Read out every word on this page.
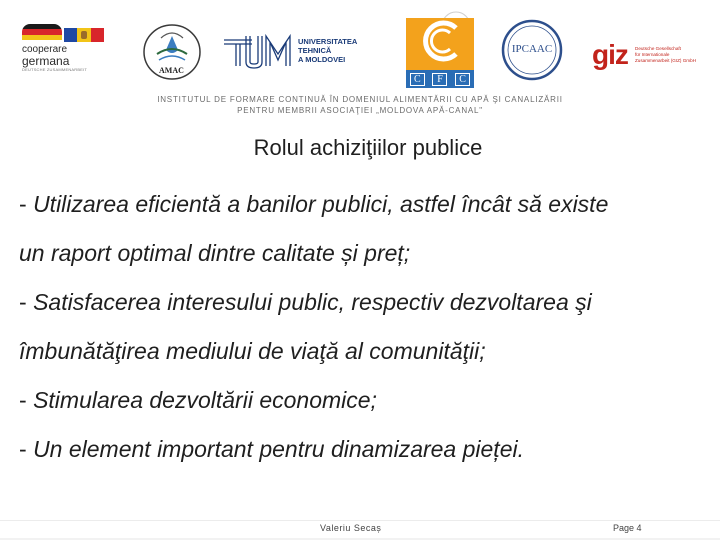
cooperare
germana
DEUTSCHE ZUSAMMENARBEIT	AMAC
UNIVERSITATEA TEHNICĂ
A MOLDOVEI
C	F	C
IPCAAC giz Deutsche Gesellschaft
für Internationale
Zusammenarbeit (GIZ) GmbH
INSTITUTUL DE FORMARE CONTINUĂ ÎN DOMENIUL ALIMENTĂRII CU APĂ ŞI CANALIZĂRII
PENTRU MEMBRII ASOCIAŢIEI „MOLDOVA APĂ-CANAL"
Rolul achiziţiilor publice
- Utilizarea eficientă a banilor publici, astfel încât să existe
un raport optimal dintre calitate și preț;
- Satisfacerea interesului public, respectiv dezvoltarea şi
îmbunătăţirea mediului de viaţă al comunităţii;
- Stimularea dezvoltării economice;
- Un element important pentru dinamizarea pieței.
Valeriu Secaș	Page 4
